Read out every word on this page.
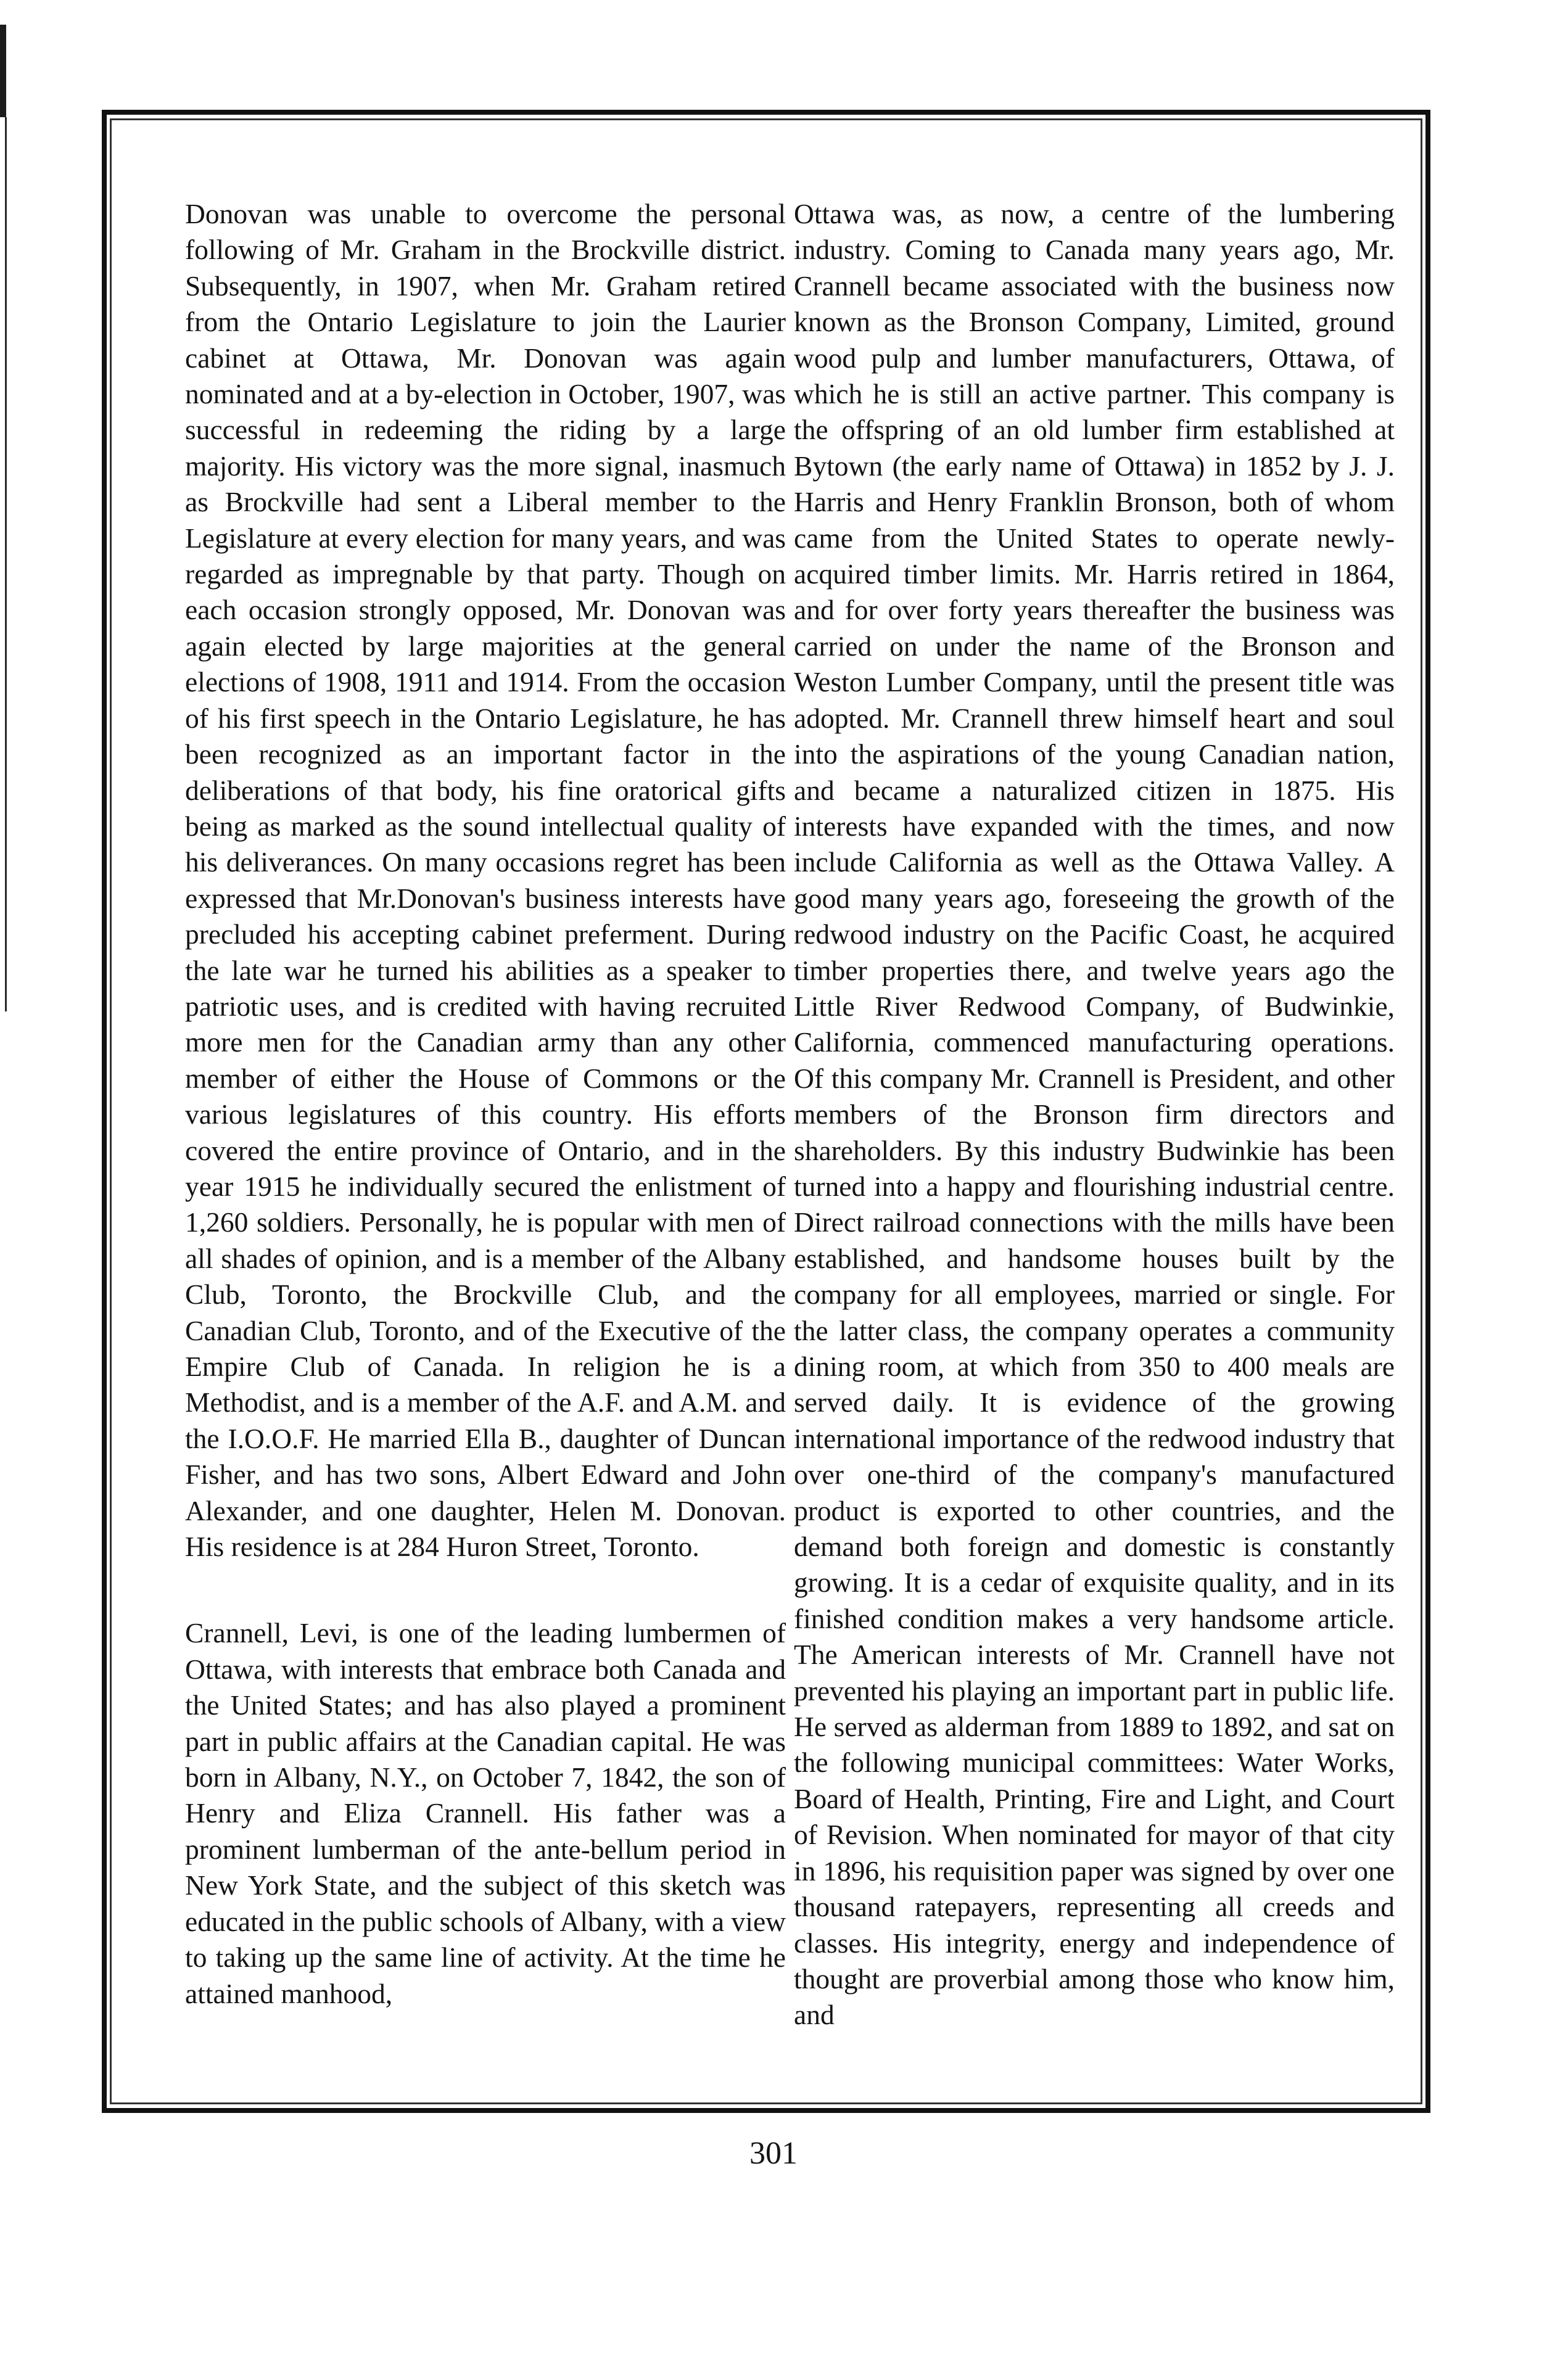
Donovan was unable to overcome the personal following of Mr. Graham in the Brockville district. Subsequently, in 1907, when Mr. Graham retired from the Ontario Legislature to join the Laurier cabinet at Ottawa, Mr. Donovan was again nominated and at a by-election in October, 1907, was successful in redeeming the riding by a large majority. His victory was the more signal, inasmuch as Brockville had sent a Liberal member to the Legislature at every election for many years, and was regarded as impregnable by that party. Though on each occasion strongly opposed, Mr. Donovan was again elected by large majorities at the general elections of 1908, 1911 and 1914. From the occasion of his first speech in the Ontario Legislature, he has been recognized as an important factor in the deliberations of that body, his fine oratorical gifts being as marked as the sound intellectual quality of his deliverances. On many occasions regret has been expressed that Mr.Donovan's business interests have precluded his accepting cabinet preferment. During the late war he turned his abilities as a speaker to patriotic uses, and is credited with having recruited more men for the Canadian army than any other member of either the House of Commons or the various legislatures of this country. His efforts covered the entire province of Ontario, and in the year 1915 he individually secured the enlistment of 1,260 soldiers. Personally, he is popular with men of all shades of opinion, and is a member of the Albany Club, Toronto, the Brockville Club, and the Canadian Club, Toronto, and of the Executive of the Empire Club of Canada. In religion he is a Methodist, and is a member of the A.F. and A.M. and the I.O.O.F. He married Ella B., daughter of Duncan Fisher, and has two sons, Albert Edward and John Alexander, and one daughter, Helen M. Donovan. His residence is at 284 Huron Street, Toronto.

Crannell, Levi, is one of the leading lumbermen of Ottawa, with interests that embrace both Canada and the United States; and has also played a prominent part in public affairs at the Canadian capital. He was born in Albany, N.Y., on October 7, 1842, the son of Henry and Eliza Crannell. His father was a prominent lumberman of the ante-bellum period in New York State, and the subject of this sketch was educated in the public schools of Albany, with a view to taking up the same line of activity. At the time he attained manhood,

Ottawa was, as now, a centre of the lumbering industry. Coming to Canada many years ago, Mr. Crannell became associated with the business now known as the Bronson Company, Limited, ground wood pulp and lumber manufacturers, Ottawa, of which he is still an active partner. This company is the offspring of an old lumber firm established at Bytown (the early name of Ottawa) in 1852 by J. J. Harris and Henry Franklin Bronson, both of whom came from the United States to operate newly-acquired timber limits. Mr. Harris retired in 1864, and for over forty years thereafter the business was carried on under the name of the Bronson and Weston Lumber Company, until the present title was adopted. Mr. Crannell threw himself heart and soul into the aspirations of the young Canadian nation, and became a naturalized citizen in 1875. His interests have expanded with the times, and now include California as well as the Ottawa Valley. A good many years ago, foreseeing the growth of the redwood industry on the Pacific Coast, he acquired timber properties there, and twelve years ago the Little River Redwood Company, of Budwinkie, California, commenced manufacturing operations. Of this company Mr. Crannell is President, and other members of the Bronson firm directors and shareholders. By this industry Budwinkie has been turned into a happy and flourishing industrial centre. Direct railroad connections with the mills have been established, and handsome houses built by the company for all employees, married or single. For the latter class, the company operates a community dining room, at which from 350 to 400 meals are served daily. It is evidence of the growing international importance of the redwood industry that over one-third of the company's manufactured product is exported to other countries, and the demand both foreign and domestic is constantly growing. It is a cedar of exquisite quality, and in its finished condition makes a very handsome article. The American interests of Mr. Crannell have not prevented his playing an important part in public life. He served as alderman from 1889 to 1892, and sat on the following municipal committees: Water Works, Board of Health, Printing, Fire and Light, and Court of Revision. When nominated for mayor of that city in 1896, his requisition paper was signed by over one thousand ratepayers, representing all creeds and classes. His integrity, energy and independence of thought are proverbial among those who know him, and

301
